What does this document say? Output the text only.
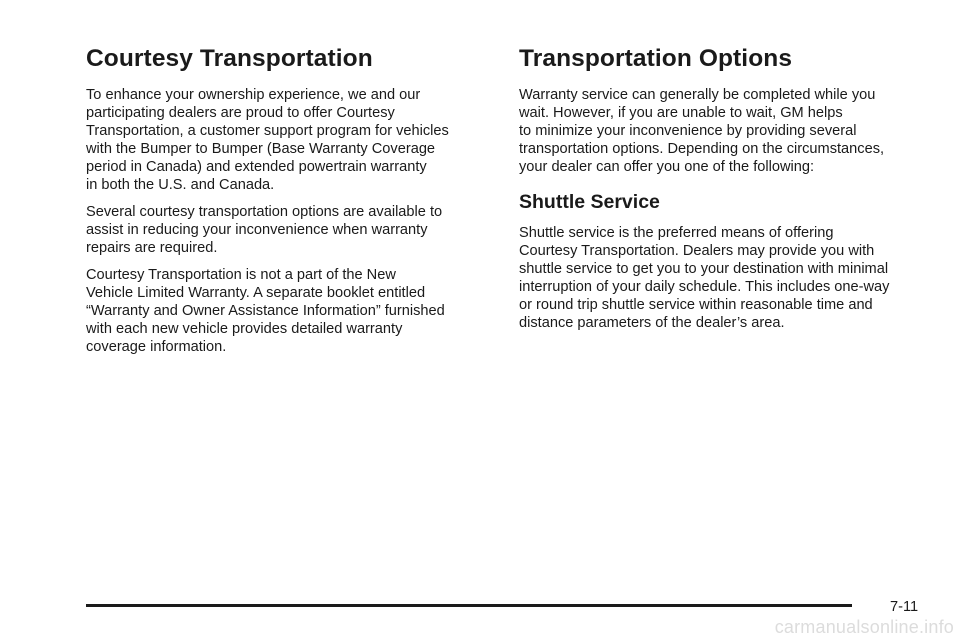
Courtesy Transportation

To enhance your ownership experience, we and our
participating dealers are proud to offer Courtesy
Transportation, a customer support program for vehicles
with the Bumper to Bumper (Base Warranty Coverage
period in Canada) and extended powertrain warranty
in both the U.S. and Canada.

Several courtesy transportation options are available to
assist in reducing your inconvenience when warranty
repairs are required.

Courtesy Transportation is not a part of the New
Vehicle Limited Warranty. A separate booklet entitled
“Warranty and Owner Assistance Information” furnished
with each new vehicle provides detailed warranty
coverage information.

Transportation Options

Warranty service can generally be completed while you
wait. However, if you are unable to wait, GM helps
to minimize your inconvenience by providing several
transportation options. Depending on the circumstances,
your dealer can offer you one of the following:

Shuttle Service

Shuttle service is the preferred means of offering
Courtesy Transportation. Dealers may provide you with
shuttle service to get you to your destination with minimal
interruption of your daily schedule. This includes one-way
or round trip shuttle service within reasonable time and
distance parameters of the dealer’s area.

7-11
carmanualsonline.info
